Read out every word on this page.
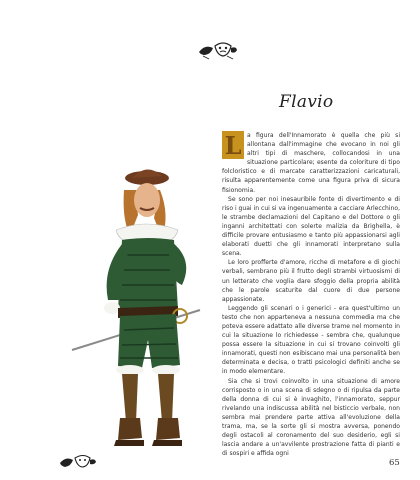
Flavio
L a figura dell'Innamorato è quella che più si allontana dall'immagine che evocano in noi gli altri tipi di maschere, collocandosi in una situazione particolare; esente da coloriture di tipo folcloristico e di marcate caratterizzazioni caricaturali, risulta apparentemente come una figura priva di sicura fisionomia.

Se sono per noi inesauribile fonte di divertimento e di riso i guai in cui si va ingenuamente a cacciare Arlecchino, le strambe declamazioni del Capitano e del Dottore o gli inganni architettati con solerte malizia da Brighella, è difficile provare entusiasmo e tanto più appassionarsi agli elaborati duetti che gli innamorati interpretano sulla scena.

Le loro profferte d'amore, ricche di metafore e di giochi verbali, sembrano più il frutto degli strambi virtuosismi di un letterato che voglia dare sfoggio della propria abilità che le parole scaturite dal cuore di due persone appassionate.

Leggendo gli scenari o i generici - era quest'ultimo un testo che non apparteneva a nessuna commedia ma che poteva essere adattato alle diverse trame nel momento in cui la situazione lo richiedesse - sembra che, qualunque possa essere la situazione in cui si trovano coinvolti gli innamorati, questi non esibiscano mai una personalità ben determinata e decisa, o tratti psicologici definiti anche se in modo elementare.

Sia che si trovi coinvolto in una situazione di amore corrisposto o in una scena di sdegno o di ripulsa da parte della donna di cui si è invaghito, l'innamorato, seppur rivelando una indiscussa abilità nel bisticcio verbale, non sembra mai prendere parte attiva all'evoluzione della trama, ma, se la sorte gli si mostra avversa, ponendo degli ostacoli al coronamento del suo desiderio, egli si lascia andare a un'avvilente prostrazione fatta di pianti e di sospiri e affida ogni

65
